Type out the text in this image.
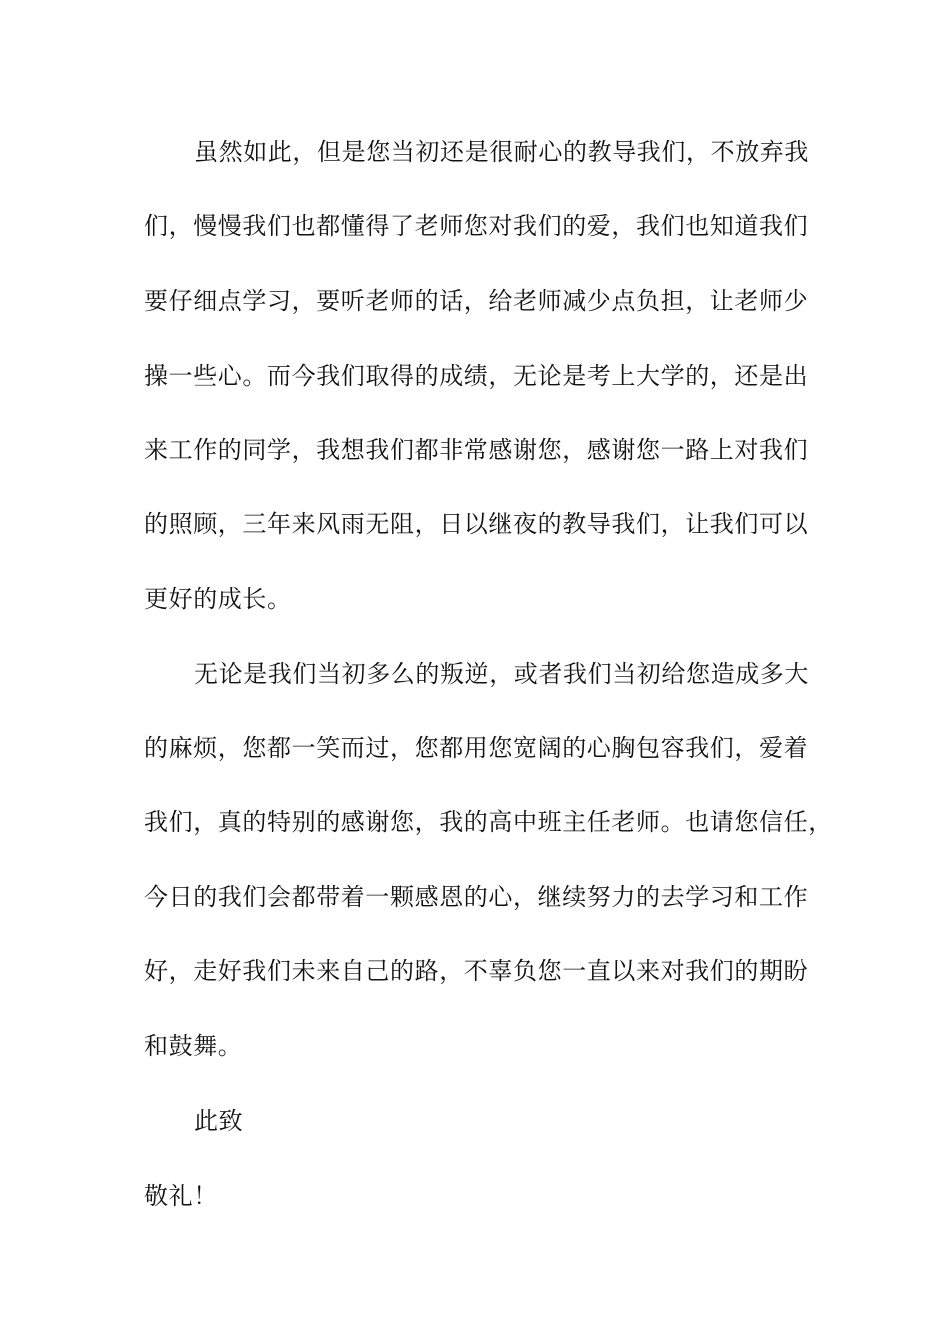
虽然如此，但是您当初还是很耐心的教导我们，不放弃我
们，慢慢我们也都懂得了老师您对我们的爱，我们也知道我们
要仔细点学习，要听老师的话，给老师减少点负担，让老师少
操一些心。而今我们取得的成绩，无论是考上大学的，还是出
来工作的同学，我想我们都非常感谢您，感谢您一路上对我们
的照顾，三年来风雨无阻，日以继夜的教导我们，让我们可以
更好的成长。
无论是我们当初多么的叛逆，或者我们当初给您造成多大
的麻烦，您都一笑而过，您都用您宽阔的心胸包容我们，爱着
我们，真的特别的感谢您，我的高中班主任老师。也请您信任，
今日的我们会都带着一颗感恩的心，继续努力的去学习和工作
好，走好我们未来自己的路，不辜负您一直以来对我们的期盼
和鼓舞。
此致
敬礼！
